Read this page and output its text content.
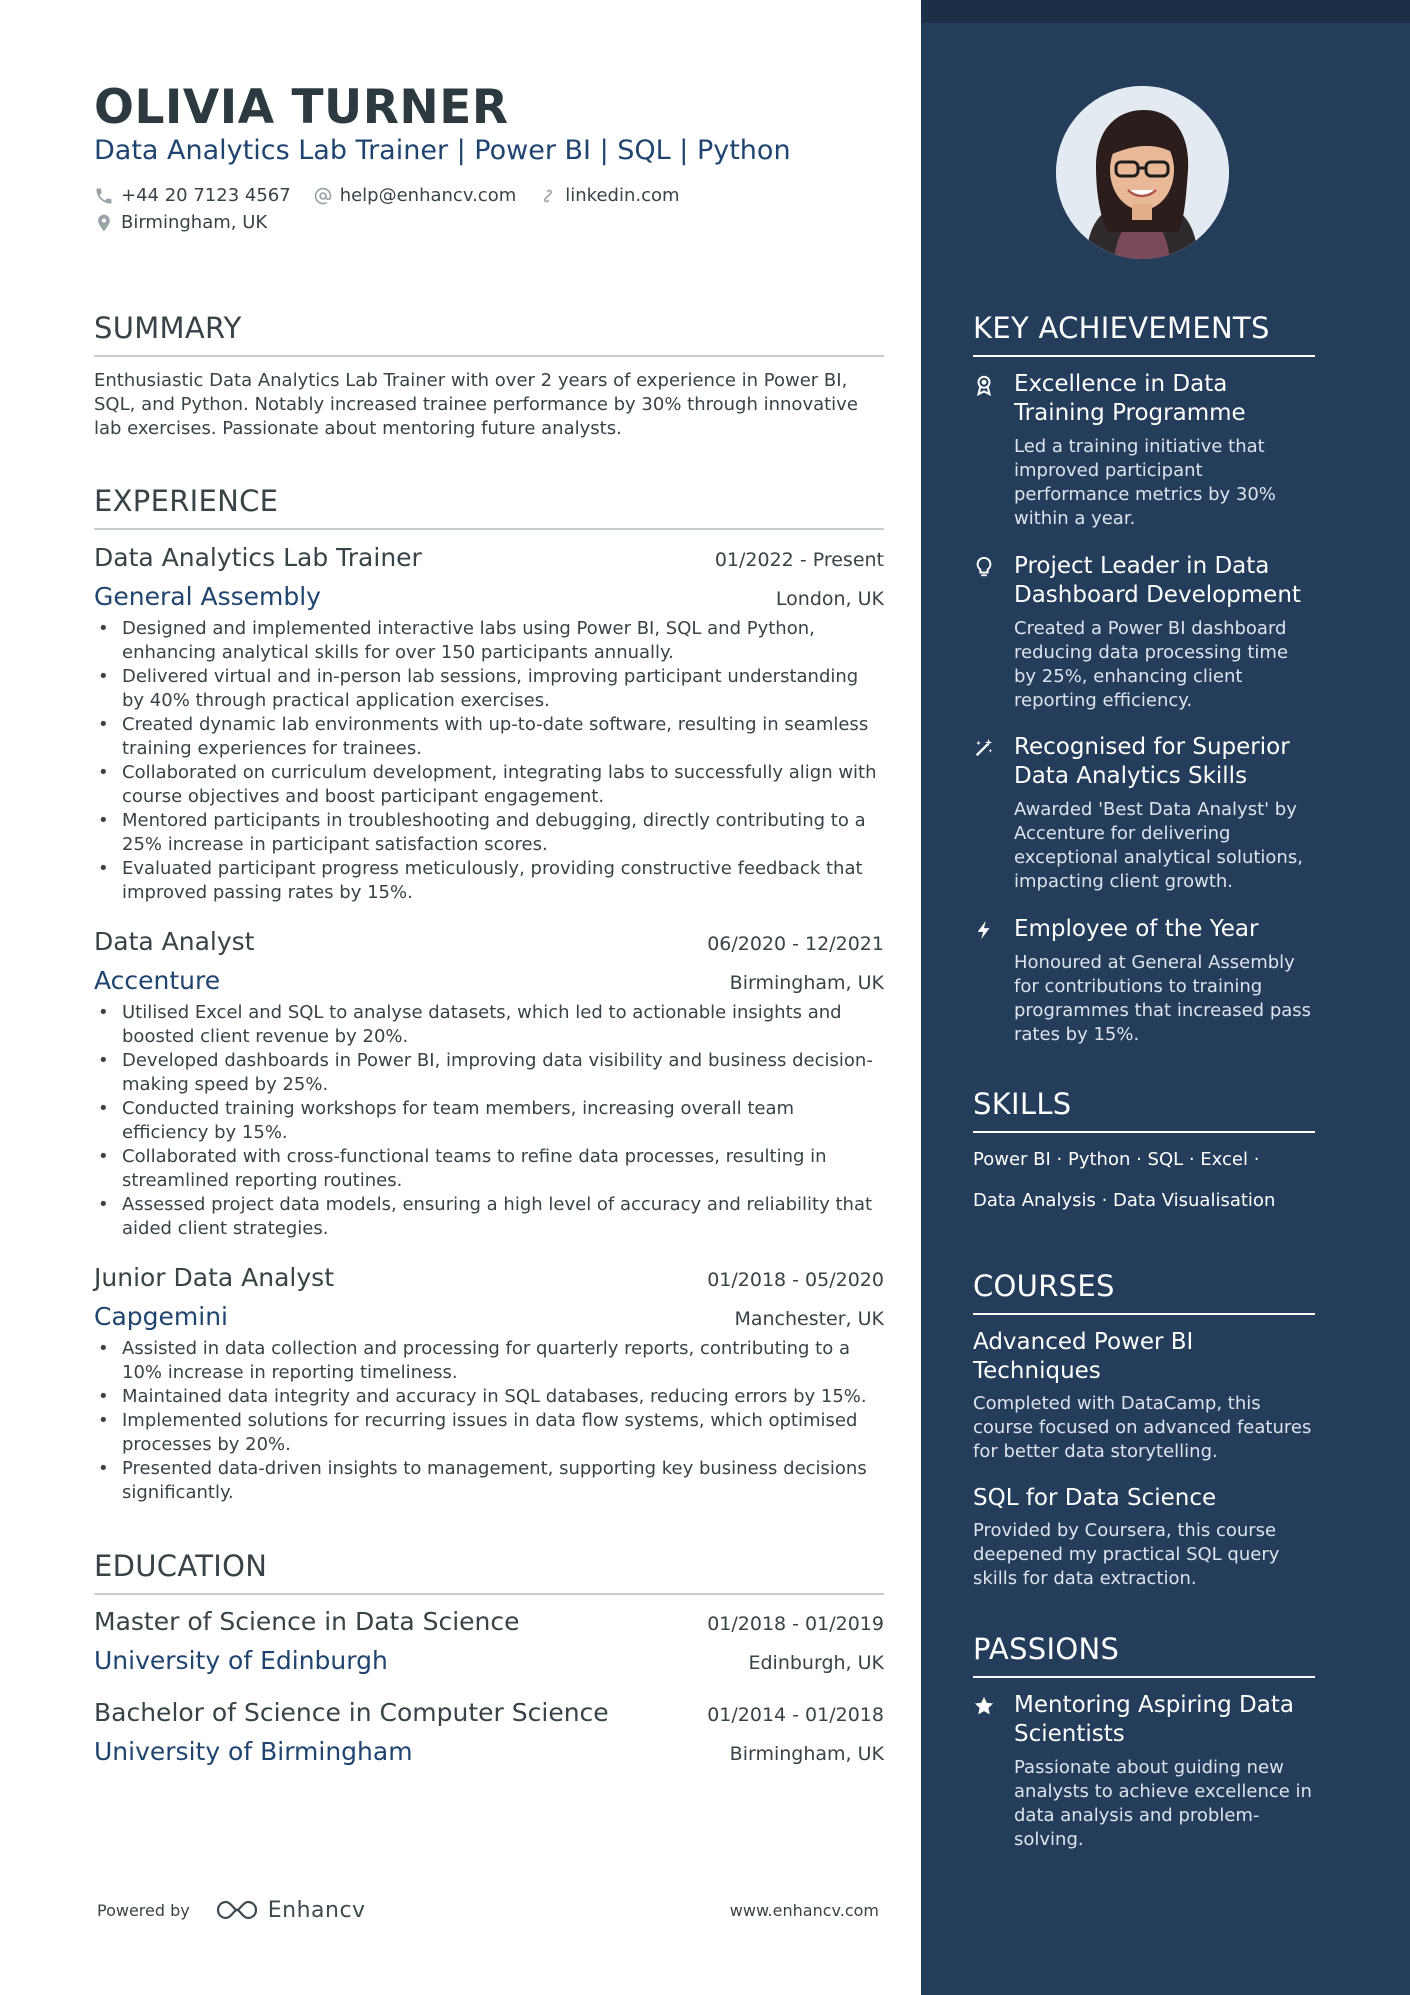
OLIVIA TURNER
Data Analytics Lab Trainer | Power BI | SQL | Python
+44 20 7123 4567	help@enhancv.com	linkedin.com
Birmingham, UK
SUMMARY
Enthusiastic Data Analytics Lab Trainer with over 2 years of experience in Power BI, SQL, and Python. Notably increased trainee performance by 30% through innovative lab exercises. Passionate about mentoring future analysts.
EXPERIENCE
Data Analytics Lab Trainer	01/2022 - Present
General Assembly	London, UK
• Designed and implemented interactive labs using Power BI, SQL and Python, enhancing analytical skills for over 150 participants annually.
• Delivered virtual and in-person lab sessions, improving participant understanding by 40% through practical application exercises.
• Created dynamic lab environments with up-to-date software, resulting in seamless training experiences for trainees.
• Collaborated on curriculum development, integrating labs to successfully align with course objectives and boost participant engagement.
• Mentored participants in troubleshooting and debugging, directly contributing to a 25% increase in participant satisfaction scores.
• Evaluated participant progress meticulously, providing constructive feedback that improved passing rates by 15%.
Data Analyst	06/2020 - 12/2021
Accenture	Birmingham, UK
• Utilised Excel and SQL to analyse datasets, which led to actionable insights and boosted client revenue by 20%.
• Developed dashboards in Power BI, improving data visibility and business decision-making speed by 25%.
• Conducted training workshops for team members, increasing overall team efficiency by 15%.
• Collaborated with cross-functional teams to refine data processes, resulting in streamlined reporting routines.
• Assessed project data models, ensuring a high level of accuracy and reliability that aided client strategies.
Junior Data Analyst	01/2018 - 05/2020
Capgemini	Manchester, UK
• Assisted in data collection and processing for quarterly reports, contributing to a 10% increase in reporting timeliness.
• Maintained data integrity and accuracy in SQL databases, reducing errors by 15%.
• Implemented solutions for recurring issues in data flow systems, which optimised processes by 20%.
• Presented data-driven insights to management, supporting key business decisions significantly.
EDUCATION
Master of Science in Data Science	01/2018 - 01/2019
University of Edinburgh	Edinburgh, UK
Bachelor of Science in Computer Science	01/2014 - 01/2018
University of Birmingham	Birmingham, UK
Powered by	Enhancv	www.enhancv.com
KEY ACHIEVEMENTS
Excellence in Data Training Programme
Led a training initiative that improved participant performance metrics by 30% within a year.
Project Leader in Data Dashboard Development
Created a Power BI dashboard reducing data processing time by 25%, enhancing client reporting efficiency.
Recognised for Superior Data Analytics Skills
Awarded 'Best Data Analyst' by Accenture for delivering exceptional analytical solutions, impacting client growth.
Employee of the Year
Honoured at General Assembly for contributions to training programmes that increased pass rates by 15%.
SKILLS
Power BI · Python · SQL · Excel ·
Data Analysis · Data Visualisation
COURSES
Advanced Power BI Techniques
Completed with DataCamp, this course focused on advanced features for better data storytelling.
SQL for Data Science
Provided by Coursera, this course deepened my practical SQL query skills for data extraction.
PASSIONS
Mentoring Aspiring Data Scientists
Passionate about guiding new analysts to achieve excellence in data analysis and problem-solving.
